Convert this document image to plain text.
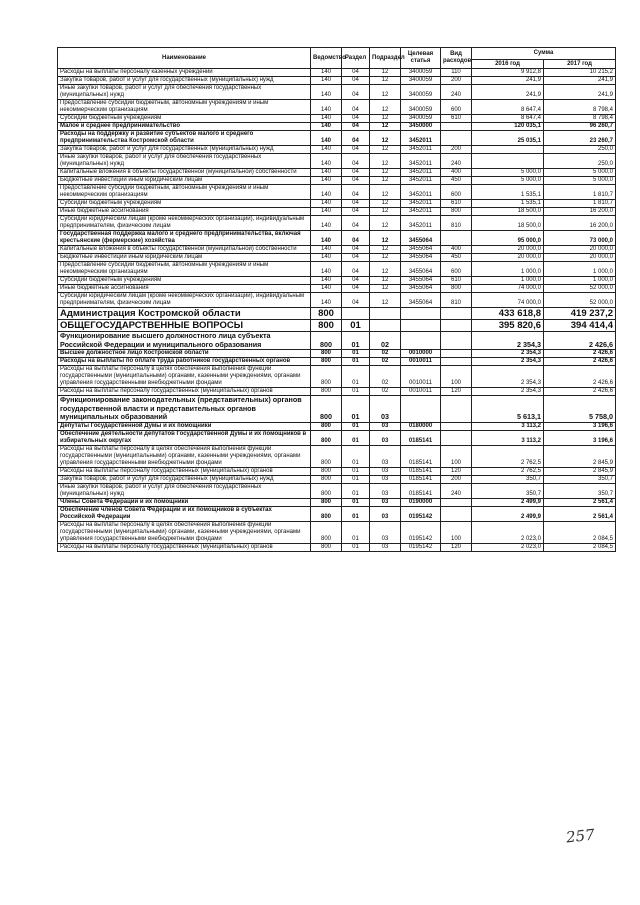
Наименование	Ведомство	Раздел	Подраздел	Целевая статья	Вид расходов	Сумма	
						2016 год	2017 год
Расходы на выплаты персоналу казенных учреждений	140	04	12	3400059	110	9 912,8	10 215,2
Закупка товаров, работ и услуг для государственных (муниципальных) нужд	140	04	12	3400059	200	241,9	241,9
Иные закупки товаров, работ и услуг для обеспечения государственных (муниципальных) нужд	140	04	12	3400059	240	241,9	241,9
Предоставление субсидий бюджетным, автономным учреждениям и иным некоммерческим организациям	140	04	12	3400059	600	8 647,4	8 798,4
Субсидии бюджетным учреждениям	140	04	12	3400059	610	8 647,4	8 798,4
Малое и среднее предпринимательство	140	04	12	3450000		120 035,1	96 260,7
Расходы на поддержку и развитие субъектов малого и среднего предпринимательства Костромской области	140	04	12	3452011		25 035,1	23 260,7
Закупка товаров, работ и услуг для государственных (муниципальных) нужд	140	04	12	3452011	200		250,0
Иные закупки товаров, работ и услуг для обеспечения государственных (муниципальных) нужд	140	04	12	3452011	240		250,0
Капитальные вложения в объекты государственной (муниципальной) собственности	140	04	12	3452011	400	5 000,0	5 000,0
Бюджетные инвестиции иным юридическим лицам	140	04	12	3452011	450	5 000,0	5 000,0
Предоставление субсидий бюджетным, автономным учреждениям и иным некоммерческим организациям	140	04	12	3452011	600	1 535,1	1 810,7
Субсидии бюджетным учреждениям	140	04	12	3452011	610	1 535,1	1 810,7
Иные бюджетные ассигнования	140	04	12	3452011	800	18 500,0	16 200,0
Субсидии юридическим лицам (кроме некоммерческих организаций), индивидуальным предпринимателям, физическим лицам	140	04	12	3452011	810	18 500,0	16 200,0
Государственная поддержка малого и среднего предпринимательства, включая крестьянские (фермерские) хозяйства	140	04	12	3455064		95 000,0	73 000,0
Капитальные вложения в объекты государственной (муниципальной) собственности	140	04	12	3455064	400	20 000,0	20 000,0
Бюджетные инвестиции иным юридическим лицам	140	04	12	3455064	450	20 000,0	20 000,0
Предоставление субсидий бюджетным, автономным учреждениям и иным некоммерческим организациям	140	04	12	3455064	600	1 000,0	1 000,0
Субсидии бюджетным учреждениям	140	04	12	3455064	610	1 000,0	1 000,0
Иные бюджетные ассигнования	140	04	12	3455064	800	74 000,0	52 000,0
Субсидии юридическим лицам (кроме некоммерческих организаций), индивидуальным предпринимателям, физическим лицам	140	04	12	3455064	810	74 000,0	52 000,0
Администрация Костромской области	800					433 618,8	419 237,2
ОБЩЕГОСУДАРСТВЕННЫЕ ВОПРОСЫ	800	01				395 820,6	394 414,4
Функционирование высшего должностного лица субъекта Российской Федерации и муниципального образования	800	01	02			2 354,3	2 426,6
Высшее должностное лицо Костромской области	800	01	02	0010000		2 354,3	2 426,6
Расходы на выплаты по оплате труда работников государственных органов	800	01	02	0010011		2 354,3	2 426,6
Расходы на выплаты персоналу в целях обеспечения выполнения функций государственными (муниципальными) органами, казенными учреждениями, органами управления государственными внебюджетными фондами	800	01	02	0010011	100	2 354,3	2 426,6
Расходы на выплаты персоналу государственных (муниципальных) органов	800	01	02	0010011	120	2 354,3	2 426,6
Функционирование законодательных (представительных) органов государственной власти и представительных органов муниципальных образований	800	01	03			5 613,1	5 758,0
Депутаты Государственной Думы и их помощники	800	01	03	0180000		3 113,2	3 196,6
Обеспечение деятельности депутатов Государственной Думы и их помощников в избирательных округах	800	01	03	0185141		3 113,2	3 196,6
Расходы на выплаты персоналу в целях обеспечения выполнения функций государственными (муниципальными) органами, казенными учреждениями, органами управления государственными внебюджетными фондами	800	01	03	0185141	100	2 762,5	2 845,9
Расходы на выплаты персоналу государственных (муниципальных) органов	800	01	03	0185141	120	2 762,5	2 845,9
Закупка товаров, работ и услуг для государственных (муниципальных) нужд	800	01	03	0185141	200	350,7	350,7
Иные закупки товаров, работ и услуг для обеспечения государственных (муниципальных) нужд	800	01	03	0185141	240	350,7	350,7
Члены Совета Федерации и их помощники	800	01	03	0190000		2 499,9	2 561,4
Обеспечение членов Совета Федерации и их помощников в субъектах Российской Федерации	800	01	03	0195142		2 499,9	2 561,4
Расходы на выплаты персоналу в целях обеспечения выполнения функций государственными (муниципальными) органами, казенными учреждениями, органами управления государственными внебюджетными фондами	800	01	03	0195142	100	2 023,0	2 084,5
Расходы на выплаты персоналу государственных (муниципальных) органов	800	01	03	0195142	120	2 023,0	2 084,5
257
